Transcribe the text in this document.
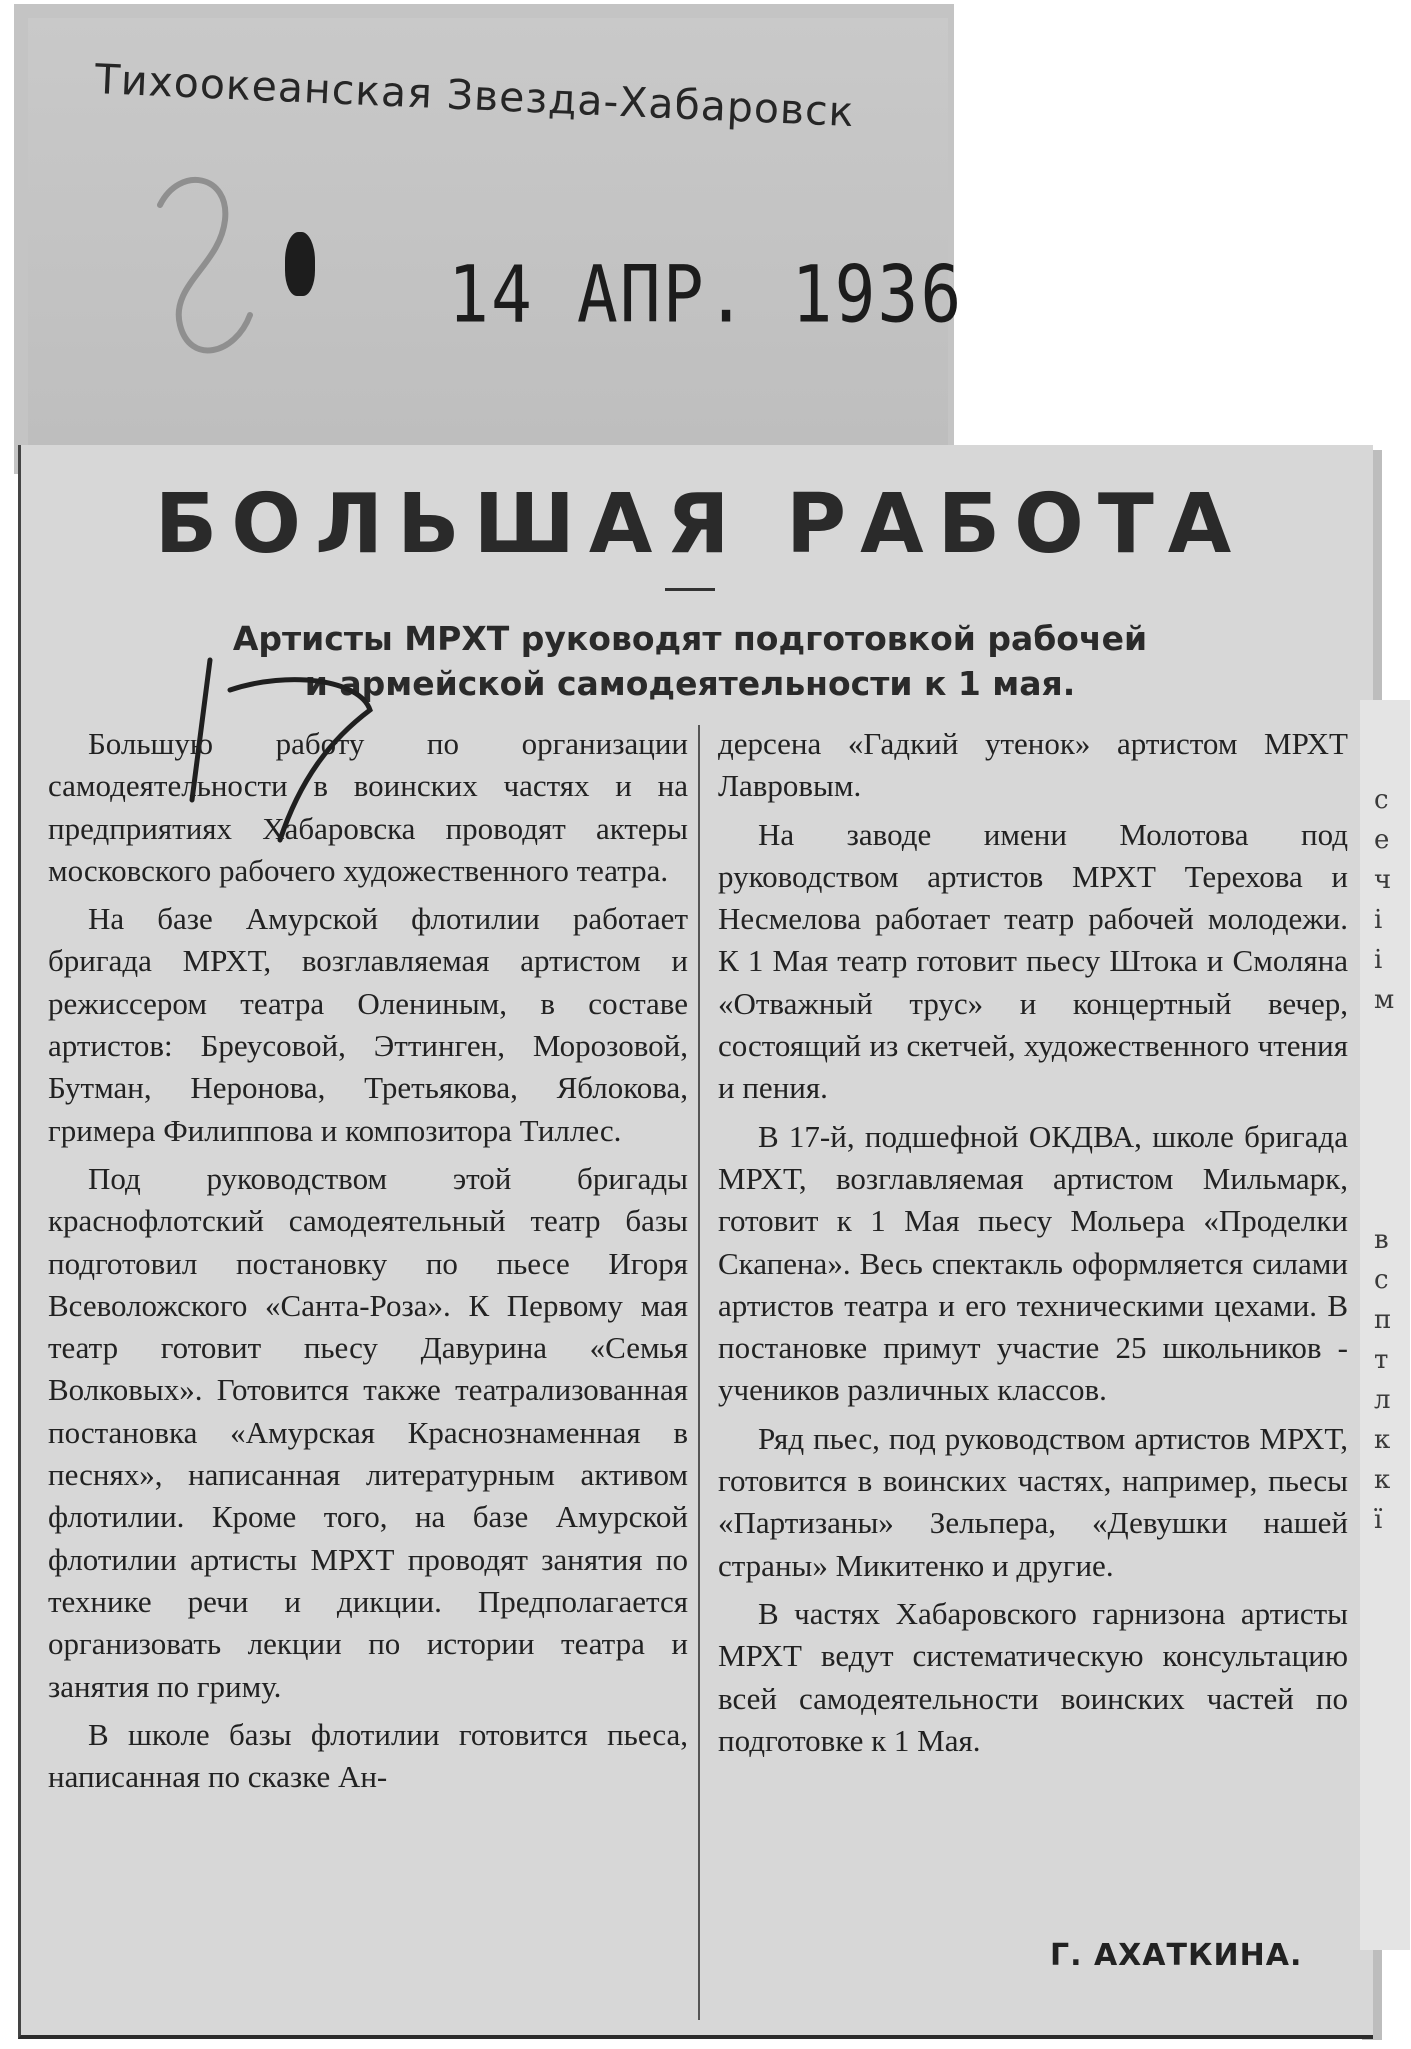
Тихоокеанская Звезда-Хабаровск
14 АПР. 1936
с
е
ч
і
і
м
в
с
п
т
л
к
к
ї
БОЛЬШАЯ РАБОТА
Артисты МРХТ руководят подготовкой рабочей
и армейской самодеятельности к 1 мая.

Большую работу по организации самодеятельности в воинских частях и на предприятиях Хабаровска проводят актеры московского рабочего художественного театра.

На базе Амурской флотилии работает бригада МРХТ, возглавляемая артистом и режиссером театра Олениным, в составе артистов: Бреусовой, Эттинген, Морозовой, Бутман, Неронова, Третьякова, Яблокова, гримера Филиппова и композитора Тиллес.

Под руководством этой бригады краснофлотский самодеятельный театр базы подготовил постановку по пьесе Игоря Всеволожского «Санта-Роза». К Первому мая театр готовит пьесу Давурина «Семья Волковых». Готовится также театрализованная постановка «Амурская Краснознаменная в песнях», написанная литературным активом флотилии. Кроме того, на базе Амурской флотилии артисты МРХТ проводят занятия по технике речи и дикции. Предполагается организовать лекции по истории театра и занятия по гриму.

В школе базы флотилии готовится пьеса, написанная по сказке Ан-

дерсена «Гадкий утенок» артистом МРХТ Лавровым.

На заводе имени Молотова под руководством артистов МРХТ Терехова и Несмелова работает театр рабочей молодежи. К 1 Мая театр готовит пьесу Штока и Смоляна «Отважный трус» и концертный вечер, состоящий из скетчей, художественного чтения и пения.

В 17-й, подшефной ОКДВА, школе бригада МРХТ, возглавляемая артистом Мильмарк, готовит к 1 Мая пьесу Мольера «Проделки Скапена». Весь спектакль оформляется силами артистов театра и его техническими цехами. В постановке примут участие 25 школьников - учеников различных классов.

Ряд пьес, под руководством артистов МРХТ, готовится в воинских частях, например, пьесы «Партизаны» Зельпера, «Девушки нашей страны» Микитенко и другие.

В частях Хабаровского гарнизона артисты МРХТ ведут систематическую консультацию всей самодеятельности воинских частей по подготовке к 1 Мая.

Г. АХАТКИНА.
